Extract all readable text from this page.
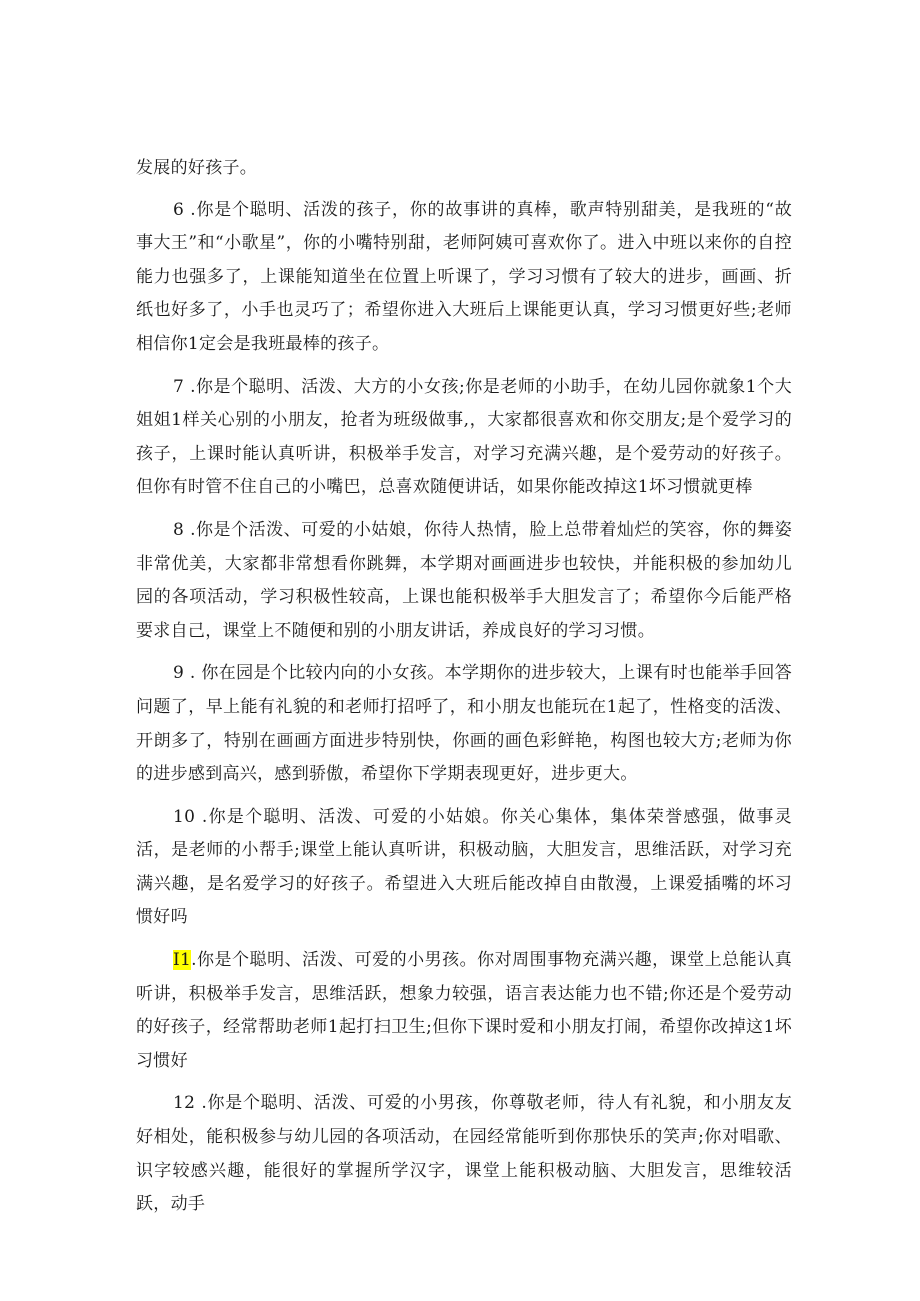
发展的好孩子。

6 .你是个聪明、活泼的孩子，你的故事讲的真棒，歌声特别甜美，是我班的“故事大王”和“小歌星”，你的小嘴特别甜，老师阿姨可喜欢你了。进入中班以来你的自控能力也强多了，上课能知道坐在位置上听课了，学习习惯有了较大的进步，画画、折纸也好多了，小手也灵巧了；希望你进入大班后上课能更认真，学习习惯更好些;老师相信你1定会是我班最棒的孩子。

7 .你是个聪明、活泼、大方的小女孩;你是老师的小助手，在幼儿园你就象1个大姐姐1样关心别的小朋友，抢者为班级做事,，大家都很喜欢和你交朋友;是个爱学习的孩子，上课时能认真听讲，积极举手发言，对学习充满兴趣，是个爱劳动的好孩子。但你有时管不住自己的小嘴巴，总喜欢随便讲话，如果你能改掉这1坏习惯就更棒

8 .你是个活泼、可爱的小姑娘，你待人热情，脸上总带着灿烂的笑容，你的舞姿非常优美，大家都非常想看你跳舞，本学期对画画进步也较快，并能积极的参加幼儿园的各项活动，学习积极性较高，上课也能积极举手大胆发言了；希望你今后能严格要求自己，课堂上不随便和别的小朋友讲话，养成良好的学习习惯。

9 . 你在园是个比较内向的小女孩。本学期你的进步较大，上课有时也能举手回答问题了，早上能有礼貌的和老师打招呼了，和小朋友也能玩在1起了，性格变的活泼、开朗多了，特别在画画方面进步特别快，你画的画色彩鲜艳，构图也较大方;老师为你的进步感到高兴，感到骄傲，希望你下学期表现更好，进步更大。

10 .你是个聪明、活泼、可爱的小姑娘。你关心集体，集体荣誉感强，做事灵活，是老师的小帮手;课堂上能认真听讲，积极动脑，大胆发言，思维活跃，对学习充满兴趣，是名爱学习的好孩子。希望进入大班后能改掉自由散漫，上课爱插嘴的坏习惯好吗

I1.你是个聪明、活泼、可爱的小男孩。你对周围事物充满兴趣，课堂上总能认真听讲，积极举手发言，思维活跃，想象力较强，语言表达能力也不错;你还是个爱劳动的好孩子，经常帮助老师1起打扫卫生;但你下课时爱和小朋友打闹，希望你改掉这1坏习惯好

12 .你是个聪明、活泼、可爱的小男孩，你尊敬老师，待人有礼貌，和小朋友友好相处，能积极参与幼儿园的各项活动，在园经常能听到你那快乐的笑声;你对唱歌、识字较感兴趣，能很好的掌握所学汉字，课堂上能积极动脑、大胆发言，思维较活跃，动手
